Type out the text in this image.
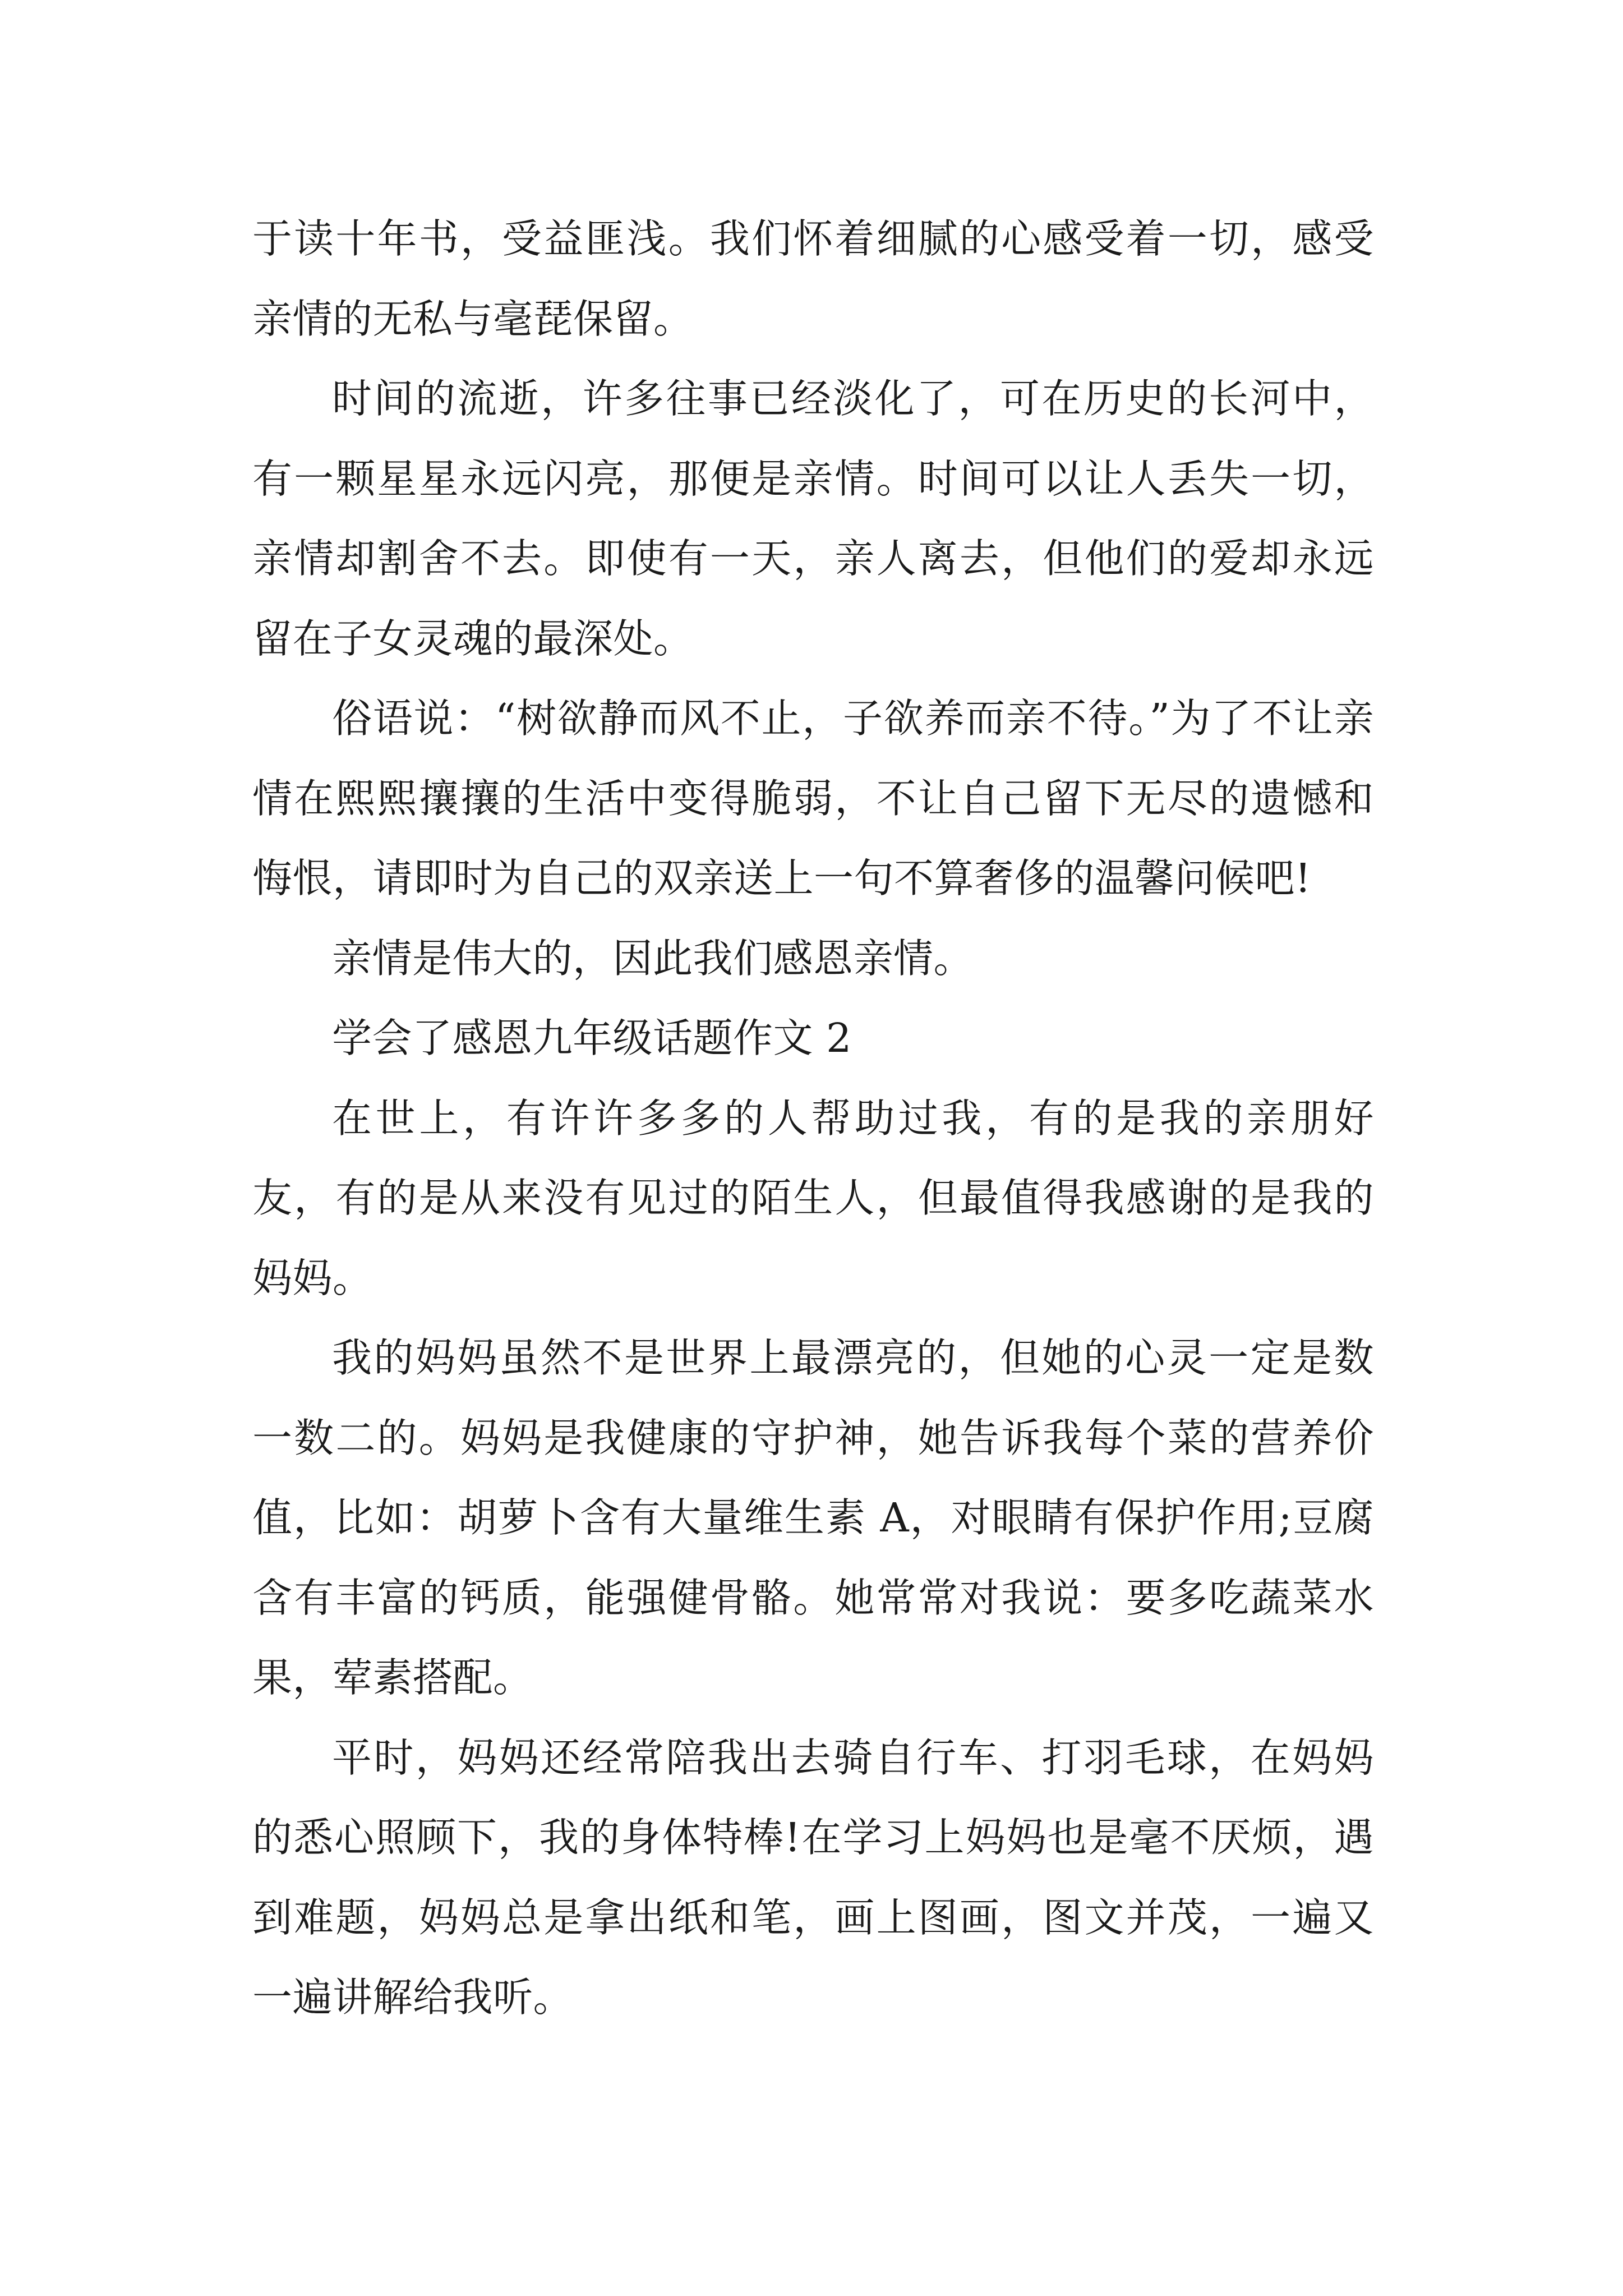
于读十年书，受益匪浅。我们怀着细腻的心感受着一切，感受亲情的无私与毫琵保留。

时间的流逝，许多往事已经淡化了，可在历史的长河中，有一颗星星永远闪亮，那便是亲情。时间可以让人丢失一切，亲情却割舍不去。即使有一天，亲人离去，但他们的爱却永远留在子女灵魂的最深处。

俗语说：“树欲静而风不止，子欲养而亲不待。”为了不让亲情在熙熙攘攘的生活中变得脆弱，不让自己留下无尽的遗憾和悔恨，请即时为自己的双亲送上一句不算奢侈的温馨问候吧!

亲情是伟大的，因此我们感恩亲情。

学会了感恩九年级话题作文 2

在世上，有许许多多的人帮助过我，有的是我的亲朋好友，有的是从来没有见过的陌生人，但最值得我感谢的是我的妈妈。

我的妈妈虽然不是世界上最漂亮的，但她的心灵一定是数一数二的。妈妈是我健康的守护神，她告诉我每个菜的营养价值，比如：胡萝卜含有大量维生素 A，对眼睛有保护作用;豆腐含有丰富的钙质，能强健骨骼。她常常对我说：要多吃蔬菜水果，荤素搭配。

平时，妈妈还经常陪我出去骑自行车、打羽毛球，在妈妈的悉心照顾下，我的身体特棒!在学习上妈妈也是毫不厌烦，遇到难题，妈妈总是拿出纸和笔，画上图画，图文并茂，一遍又一遍讲解给我听。
